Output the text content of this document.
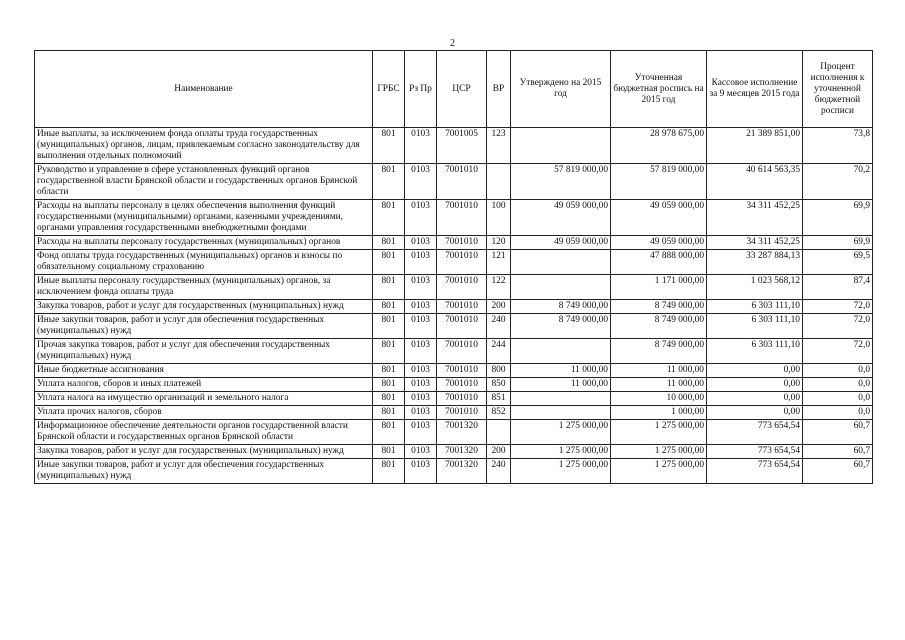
2
Наименование	ГРБС	Рз Пр	ЦСР	ВР	Утверждено на 2015 год	Уточненная бюджетная роспись на 2015 год	Кассовое исполнение за 9 месяцев 2015 года	Процент исполнения к уточненной бюджетной росписи
Иные выплаты, за исключением фонда оплаты труда государственных (муниципальных) органов, лицам, привлекаемым согласно законодательству для выполнения отдельных полномочий	801	0103	7001005	123		28 978 675,00	21 389 851,00	73,8
Руководство и управление в сфере установленных функций органов государственной власти Брянской области и государственных органов Брянской области	801	0103	7001010		57 819 000,00	57 819 000,00	40 614 563,35	70,2
Расходы на выплаты персоналу в целях обеспечения выполнения функций государственными (муниципальными) органами, казенными учреждениями, органами управления государственными внебюджетными фондами	801	0103	7001010	100	49 059 000,00	49 059 000,00	34 311 452,25	69,9
Расходы на выплаты персоналу государственных (муниципальных) органов	801	0103	7001010	120	49 059 000,00	49 059 000,00	34 311 452,25	69,9
Фонд оплаты труда государственных (муниципальных) органов и взносы по обязательному социальному страхованию	801	0103	7001010	121		47 888 000,00	33 287 884,13	69,5
Иные выплаты персоналу государственных (муниципальных) органов, за исключением фонда оплаты труда	801	0103	7001010	122		1 171 000,00	1 023 568,12	87,4
Закупка товаров, работ и услуг для государственных (муниципальных) нужд	801	0103	7001010	200	8 749 000,00	8 749 000,00	6 303 111,10	72,0
Иные закупки товаров, работ и услуг для обеспечения государственных (муниципальных) нужд	801	0103	7001010	240	8 749 000,00	8 749 000,00	6 303 111,10	72,0
Прочая закупка товаров, работ и услуг для обеспечения государственных (муниципальных) нужд	801	0103	7001010	244		8 749 000,00	6 303 111,10	72,0
Иные бюджетные ассигнования	801	0103	7001010	800	11 000,00	11 000,00	0,00	0,0
Уплата налогов, сборов и иных платежей	801	0103	7001010	850	11 000,00	11 000,00	0,00	0,0
Уплата налога на имущество организаций и земельного налога	801	0103	7001010	851		10 000,00	0,00	0,0
Уплата прочих налогов, сборов	801	0103	7001010	852		1 000,00	0,00	0,0
Информационное обеспечение деятельности органов государственной власти Брянской области и государственных органов Брянской области	801	0103	7001320		1 275 000,00	1 275 000,00	773 654,54	60,7
Закупка товаров, работ и услуг для государственных (муниципальных) нужд	801	0103	7001320	200	1 275 000,00	1 275 000,00	773 654,54	60,7
Иные закупки товаров, работ и услуг для обеспечения государственных (муниципальных) нужд	801	0103	7001320	240	1 275 000,00	1 275 000,00	773 654,54	60,7
